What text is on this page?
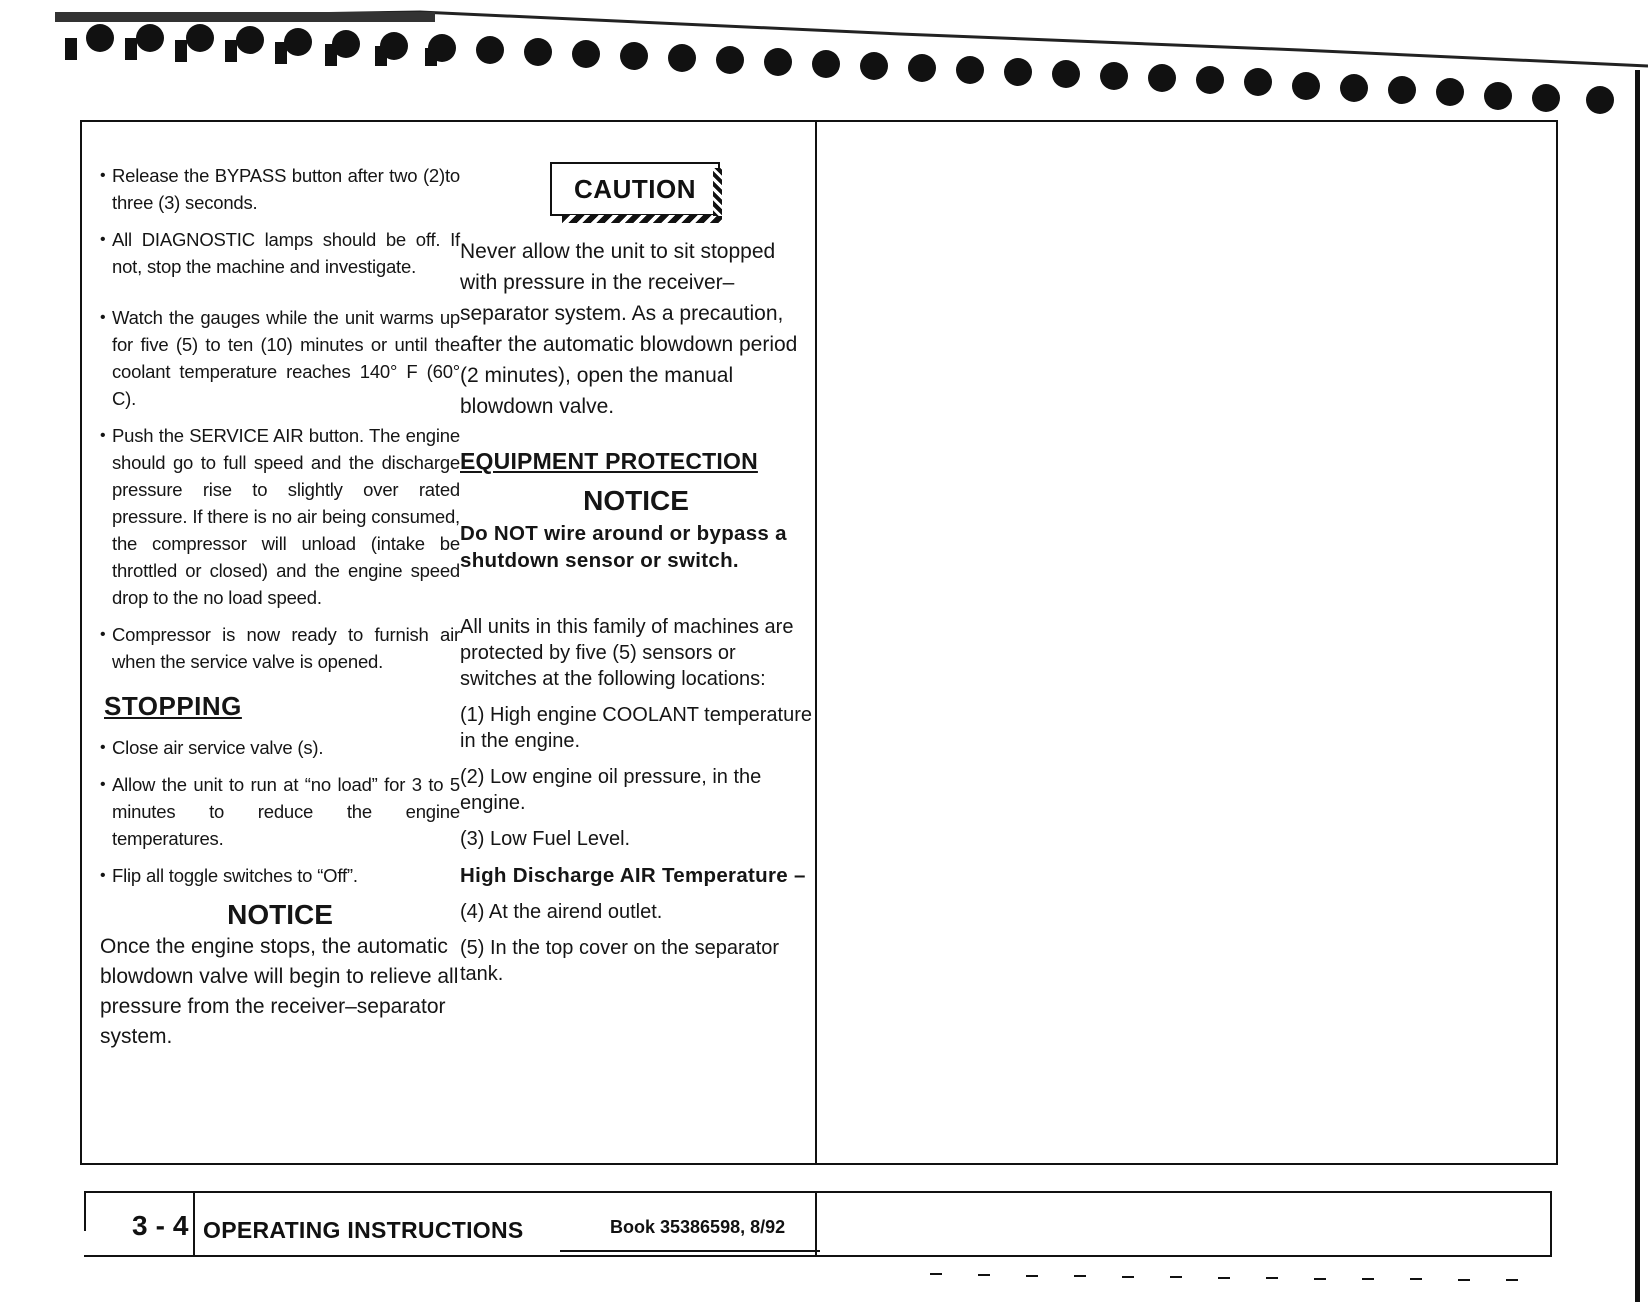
• Release the BYPASS button after two (2)to three (3) seconds.
• All DIAGNOSTIC lamps should be off. If not, stop the machine and investigate.
• Watch the gauges while the unit warms up for five (5) to ten (10) minutes or until the coolant temperature reaches 140° F (60° C).
• Push the SERVICE AIR button. The engine should go to full speed and the discharge pressure rise to slightly over rated pressure. If there is no air being consumed, the compressor will unload (intake be throttled or closed) and the engine speed drop to the no load speed.
• Compressor is now ready to furnish air when the service valve is opened.
STOPPING
• Close air service valve (s).
• Allow the unit to run at “no load” for 3 to 5 minutes to reduce the engine temperatures.
• Flip all toggle switches to “Off”.
NOTICE
Once the engine stops, the automatic blowdown valve will begin to relieve all pressure from the receiver–separator system.
CAUTION

Never allow the unit to sit stopped with pressure in the receiver–separator system. As a precaution, after the automatic blowdown period (2 minutes), open the manual blowdown valve.

EQUIPMENT PROTECTION
NOTICE

Do NOT wire around or bypass a shutdown sensor or switch.

All units in this family of machines are protected by five (5) sensors or switches at the following locations:

(1) High engine COOLANT temperature in the engine.

(2) Low engine oil pressure, in the engine.

(3) Low Fuel Level.

High Discharge AIR Temperature –

(4) At the airend outlet.

(5) In the top cover on the separator tank.

3-4 OPERATING INSTRUCTIONS	Book 35386598, 8/92
